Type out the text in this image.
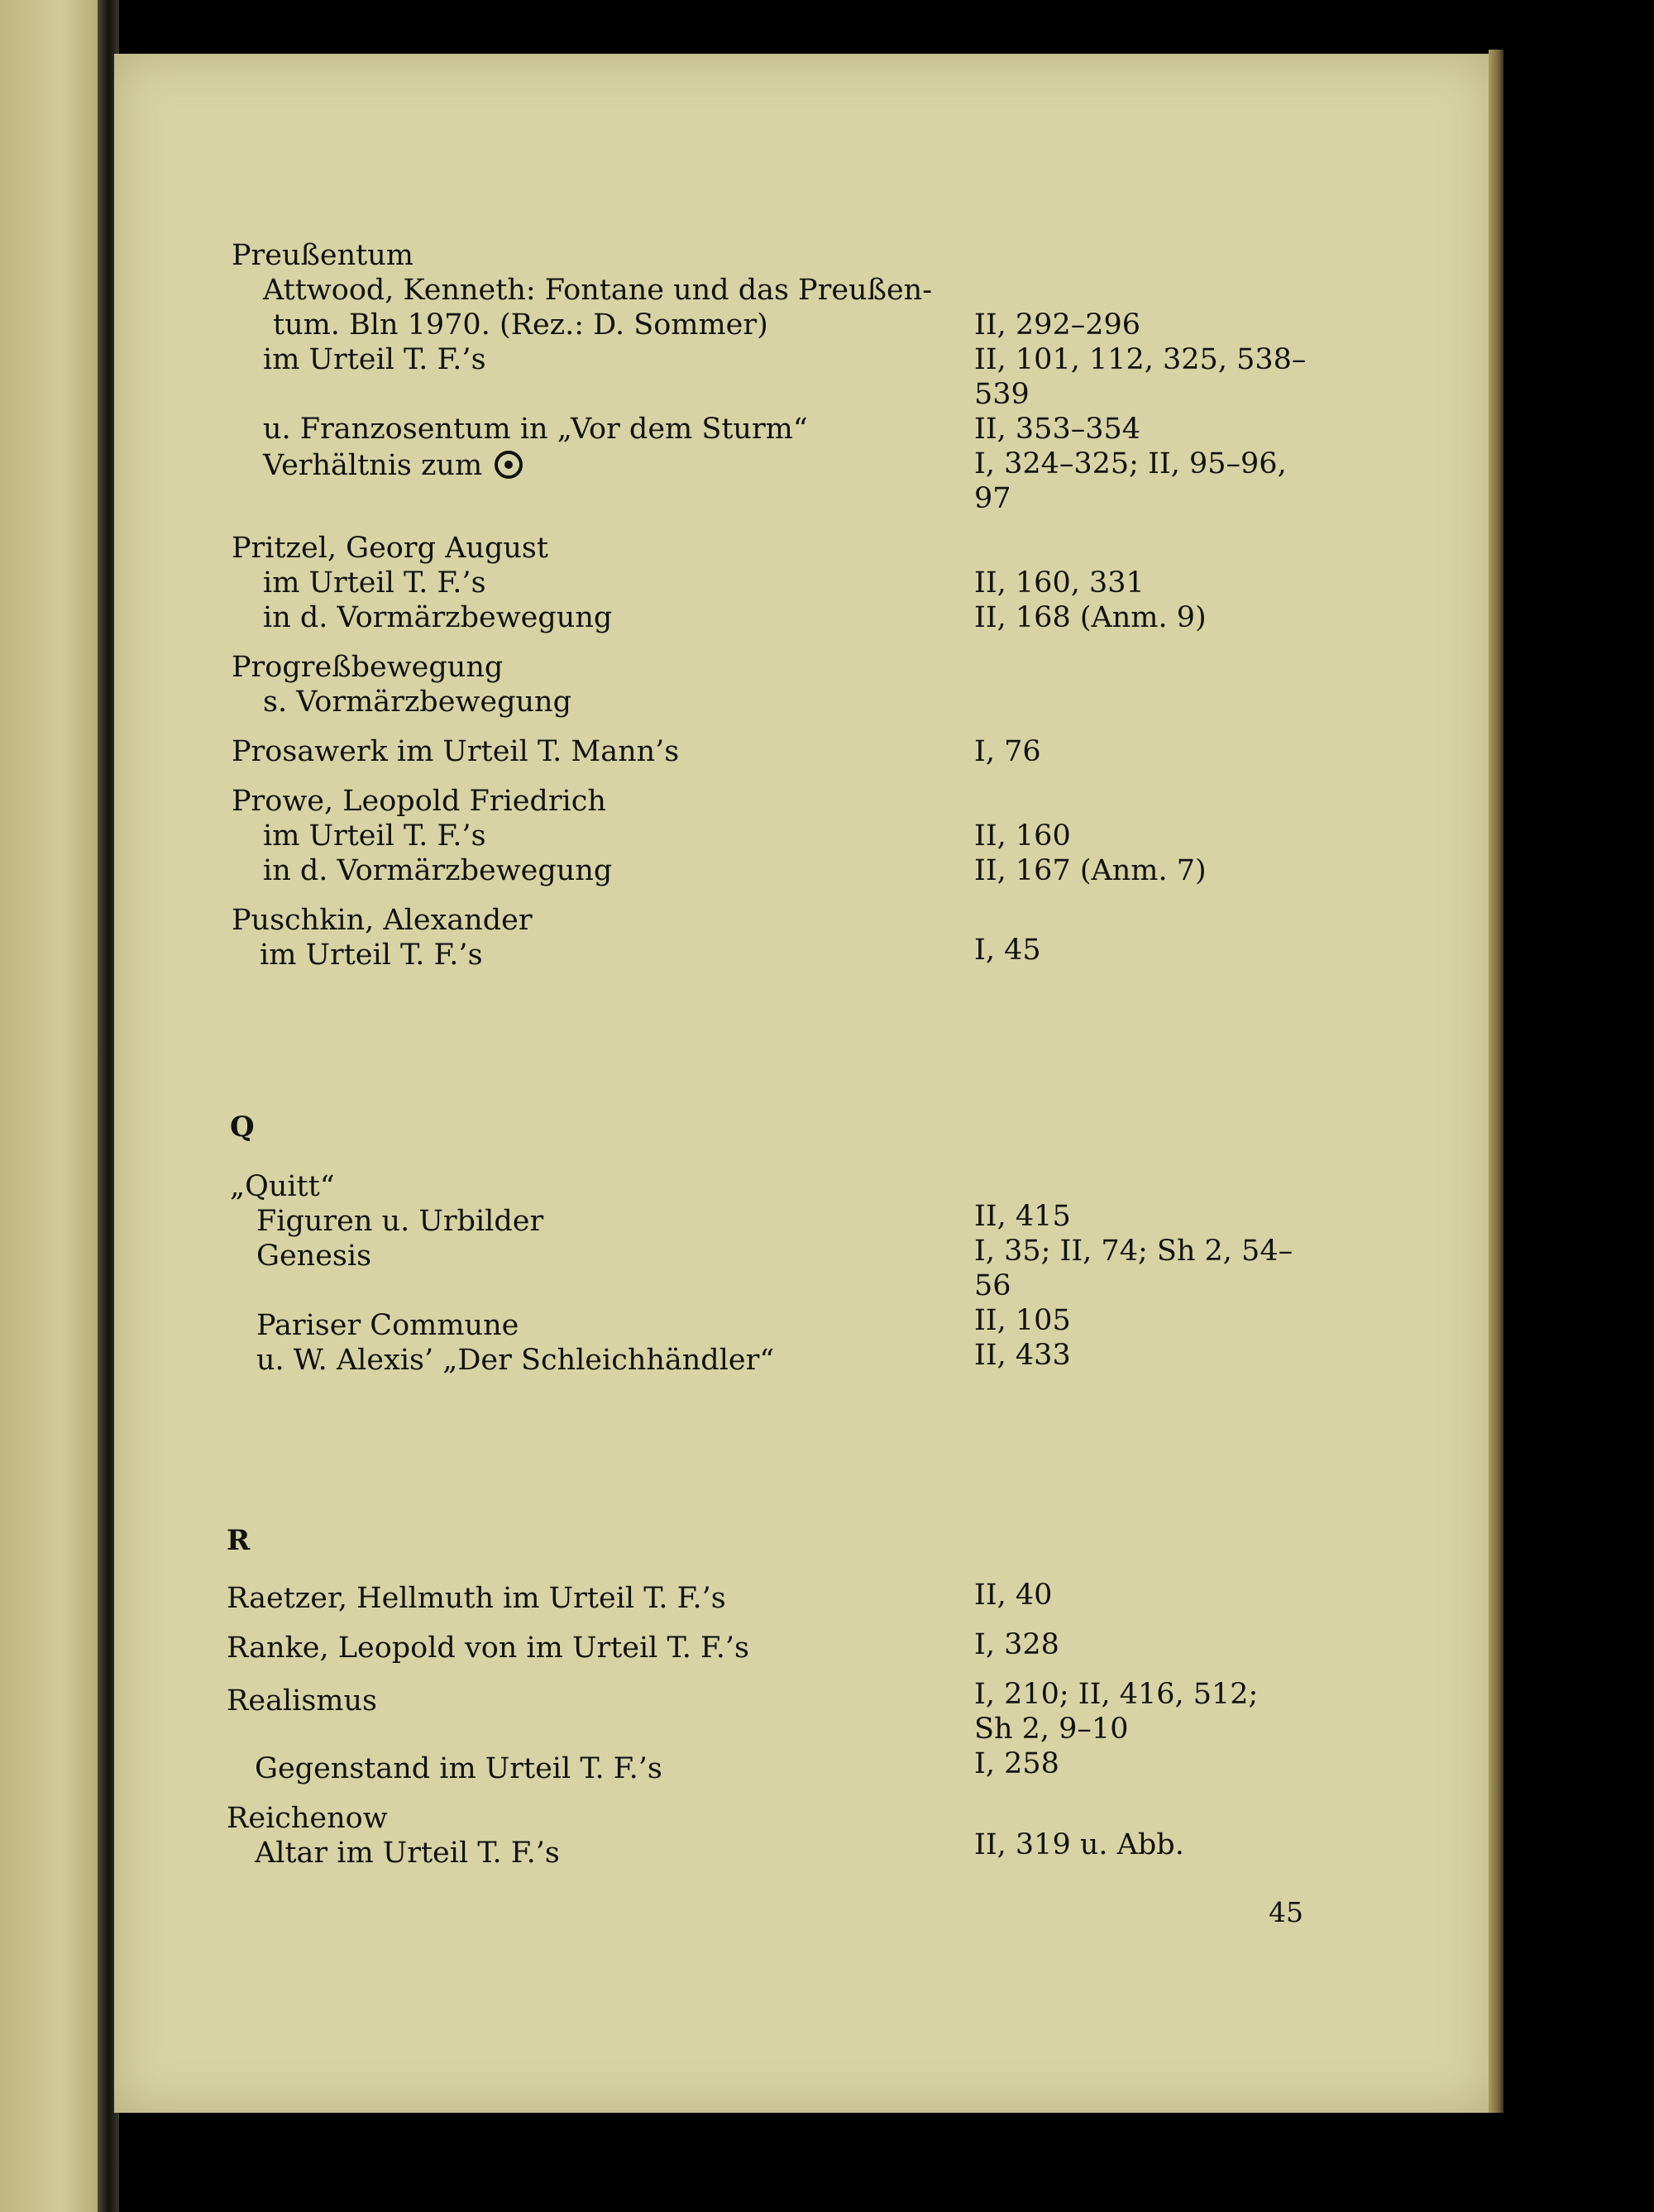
Preußentum
Attwood, Kenneth: Fontane und das Preußen-
tum. Bln 1970. (Rez.: D. Sommer)	II, 292–296
im Urteil T. F.’s	II, 101, 112, 325, 538–
539
u. Franzosentum in „Vor dem Sturm“	II, 353–354
Verhältnis zum	I, 324–325; II, 95–96,
97
Pritzel, Georg August
im Urteil T. F.’s	II, 160, 331
in d. Vormärzbewegung	II, 168 (Anm. 9)
Progreßbewegung
s. Vormärzbewegung
Prosawerk im Urteil T. Mann’s	I, 76
Prowe, Leopold Friedrich
im Urteil T. F.’s	II, 160
in d. Vormärzbewegung	II, 167 (Anm. 7)
Puschkin, Alexander
im Urteil T. F.’s	I, 45
Q
„Quitt“
Figuren u. Urbilder	II, 415
Genesis	I, 35; II, 74; Sh 2, 54–
56
Pariser Commune	II, 105
u. W. Alexis’ „Der Schleichhändler“	II, 433
R
Raetzer, Hellmuth im Urteil T. F.’s	II, 40
Ranke, Leopold von im Urteil T. F.’s	I, 328
Realismus	I, 210; II, 416, 512;
Sh 2, 9–10
Gegenstand im Urteil T. F.’s	I, 258
Reichenow
Altar im Urteil T. F.’s	II, 319 u. Abb.
45
